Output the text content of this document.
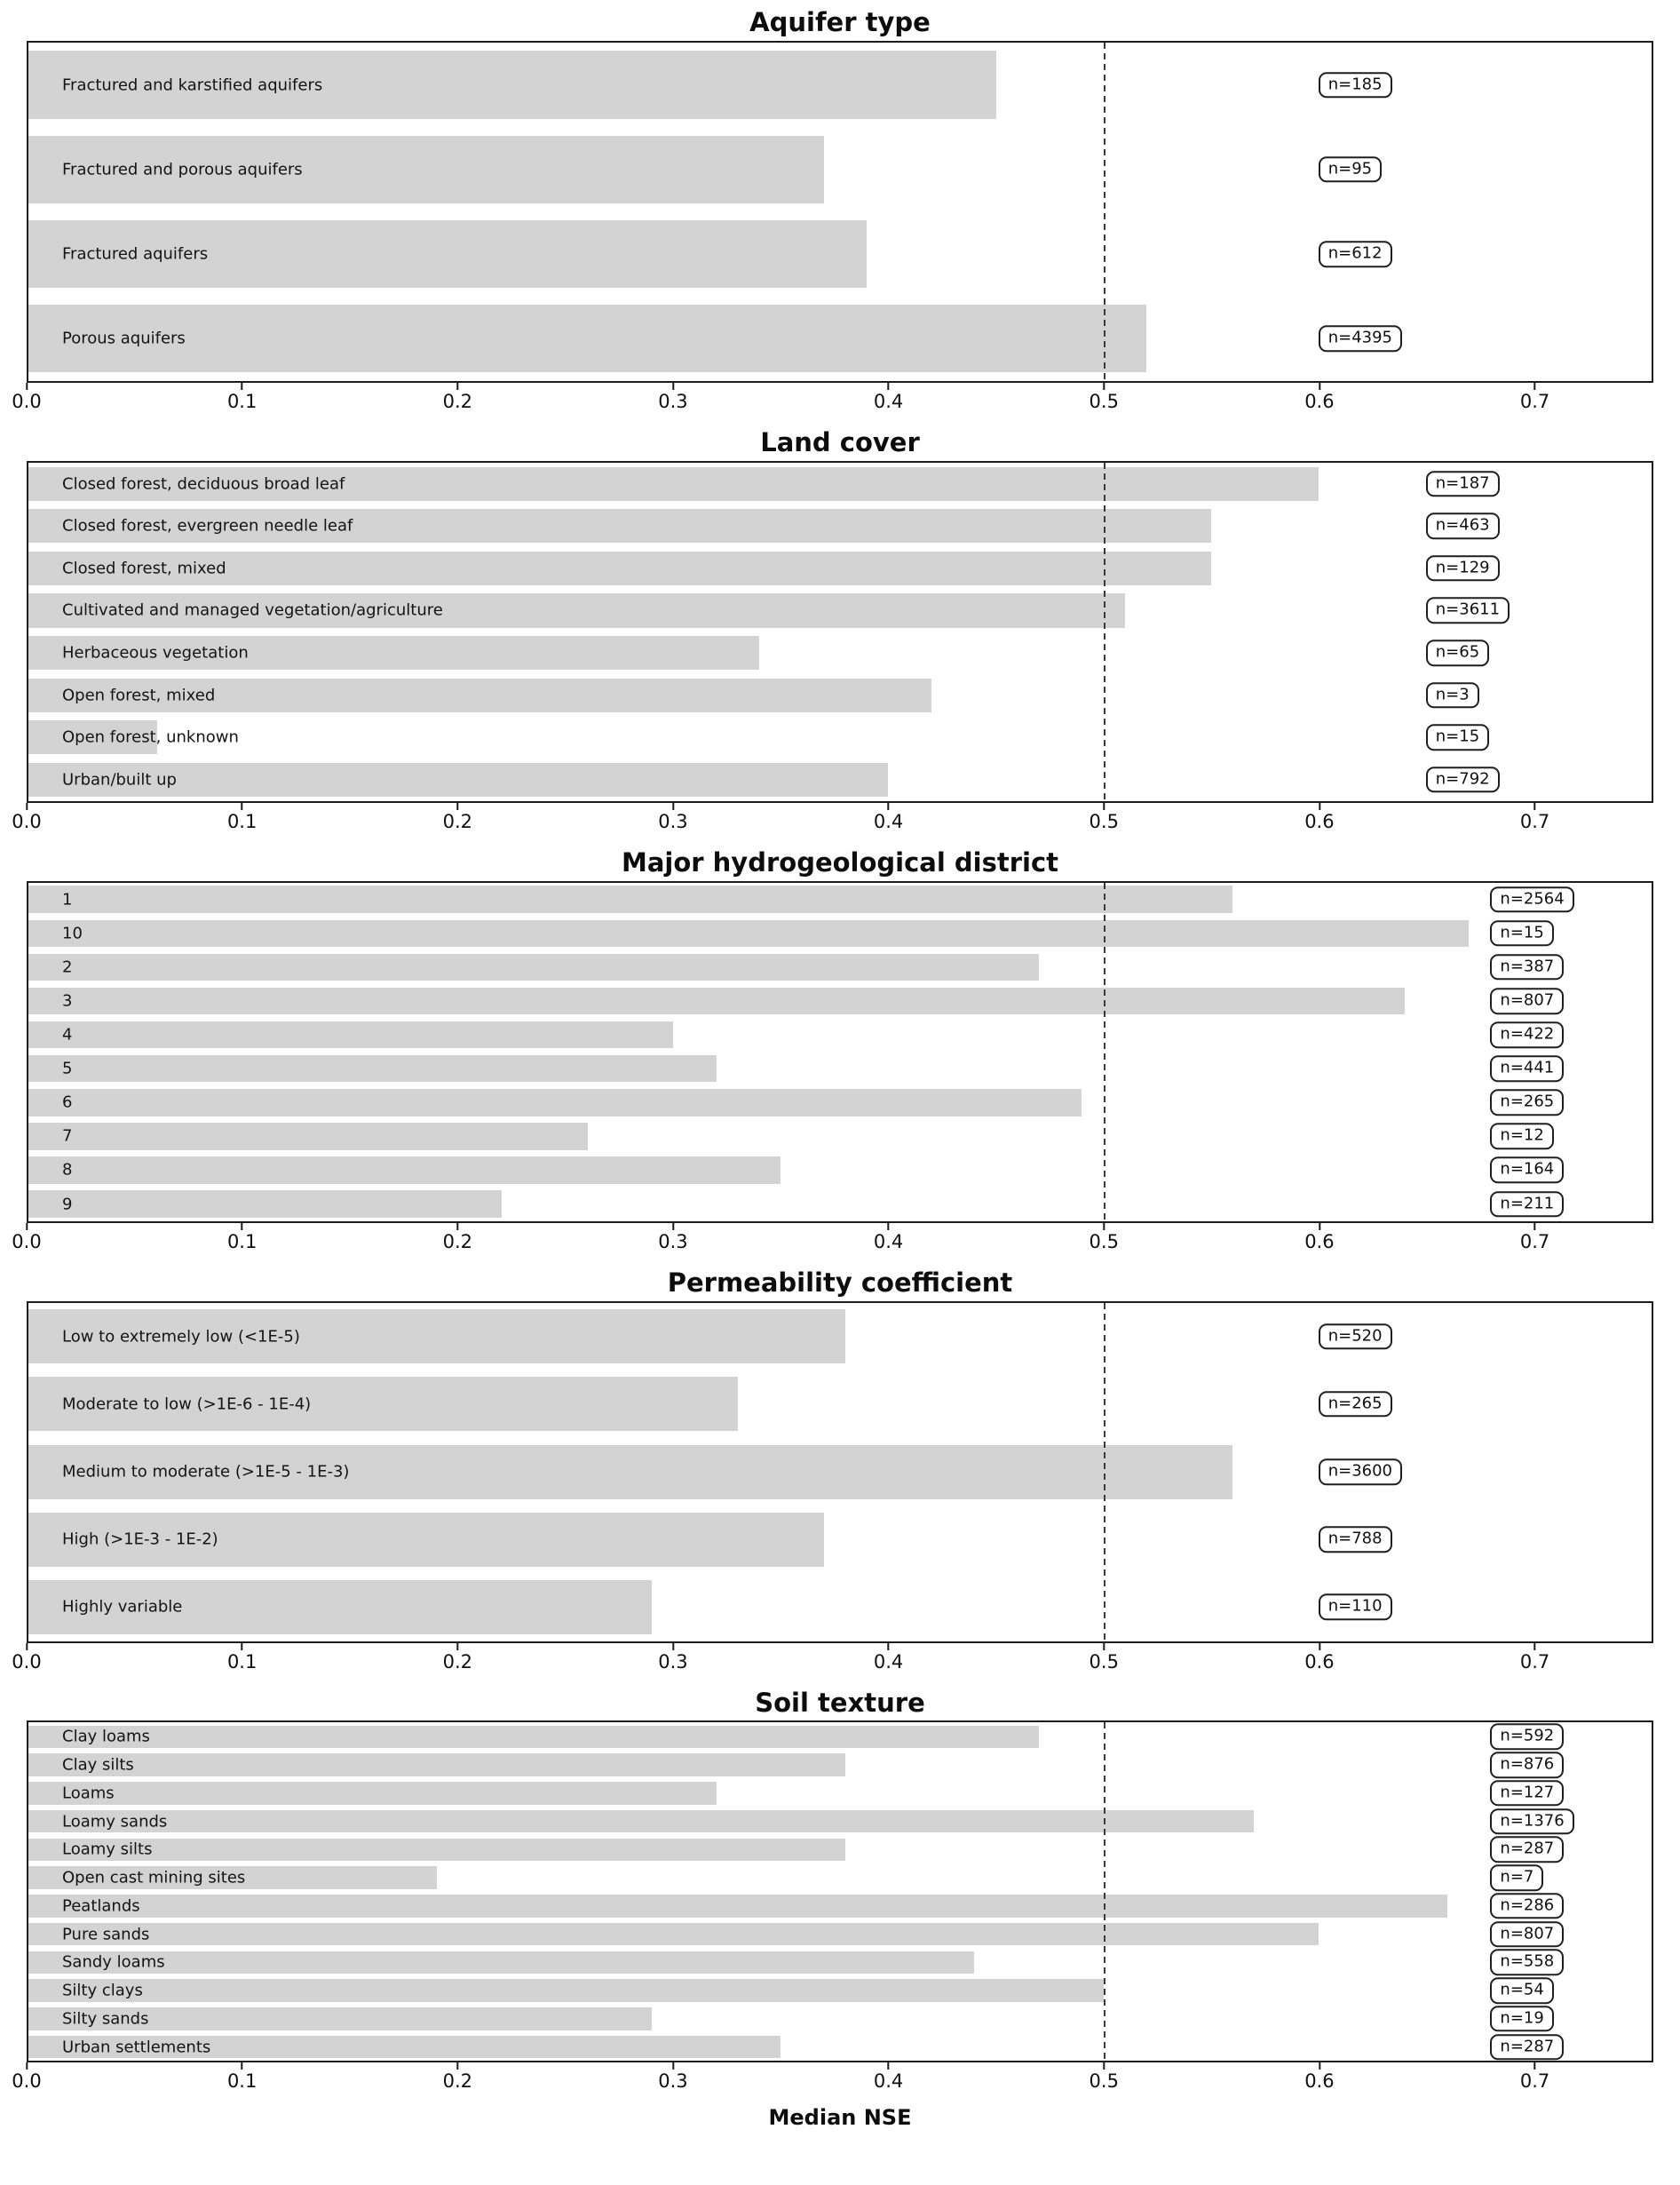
Aquifer type
Fractured and karstified aquifers	n=185
Fractured and porous aquifers	n=95
Fractured aquifers	n=612
Porous aquifers	n=4395
0.0	0.1	0.2	0.3	0.4	0.5	0.6	0.7
Land cover
Closed forest, deciduous broad leaf	n=187
Closed forest, evergreen needle leaf	n=463
Closed forest, mixed	n=129
Cultivated and managed vegetation/agriculture	n=3611
Herbaceous vegetation	n=65
Open forest, mixed	n=3
Open forest, unknown	n=15
Urban/built up	n=792
0.0	0.1	0.2	0.3	0.4	0.5	0.6	0.7
Major hydrogeological district
1	n=2564
10	n=15
2	n=387
3	n=807
4	n=422
5	n=441
6	n=265
7	n=12
8	n=164
9	n=211
0.0	0.1	0.2	0.3	0.4	0.5	0.6	0.7
Permeability coefficient
Low to extremely low (<1E-5)	n=520
Moderate to low (>1E-6 - 1E-4)	n=265
Medium to moderate (>1E-5 - 1E-3)	n=3600
High (>1E-3 - 1E-2)	n=788
Highly variable	n=110
0.0	0.1	0.2	0.3	0.4	0.5	0.6	0.7
Soil texture
Clay loams	n=592
Clay silts	n=876
Loams	n=127
Loamy sands	n=1376
Loamy silts	n=287
Open cast mining sites	n=7
Peatlands	n=286
Pure sands	n=807
Sandy loams	n=558
Silty clays	n=54
Silty sands	n=19
Urban settlements	n=287
0.0	0.1	0.2	0.3	0.4	0.5	0.6	0.7
Median NSE
